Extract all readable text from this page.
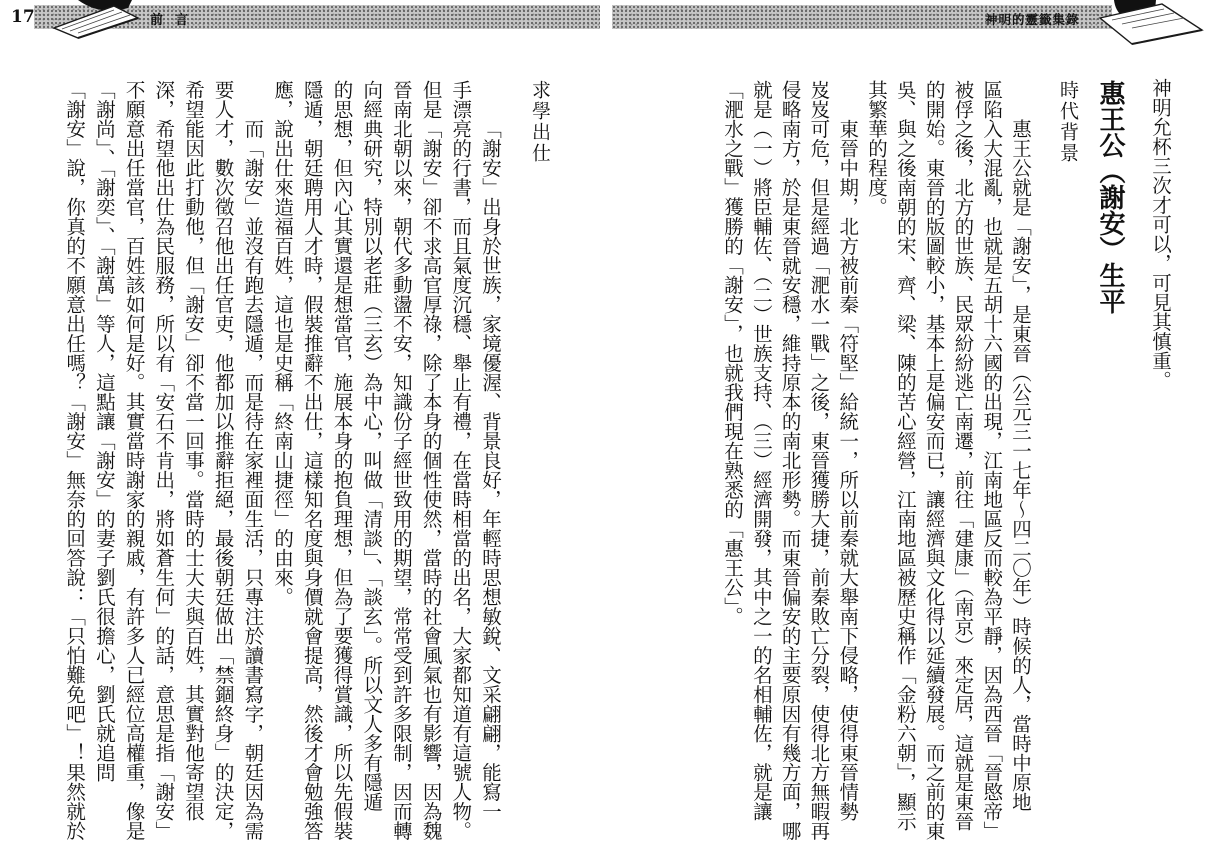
17	前言
求學出仕
「謝安」出身於世族，家境優渥、背景良好，年輕時思想敏銳、文采翩翩，能寫一
手漂亮的行書，而且氣度沉穩、舉止有禮，在當時相當的出名，大家都知道有這號人物。
但是「謝安」卻不求高官厚祿，除了本身的個性使然，當時的社會風氣也有影響，因為魏
晉南北朝以來，朝代多動盪不安，知識份子經世致用的期望，常常受到許多限制，因而轉
向經典研究，特別以老莊（三玄）為中心，叫做「清談」、「談玄」。所以文人多有隱遁
的思想，但內心其實還是想當官，施展本身的抱負理想，但為了要獲得賞識，所以先假裝
隱遁，朝廷聘用人才時，假裝推辭不出仕，這樣知名度與身價就會提高，然後才會勉強答
應，說出仕來造福百姓，這也是史稱「終南山捷徑」的由來。
而「謝安」並沒有跑去隱遁，而是待在家裡面生活，只專注於讀書寫字，朝廷因為需
要人才，數次徵召他出任官吏，他都加以推辭拒絕，最後朝廷做出「禁錮終身」的決定，
希望能因此打動他，但「謝安」卻不當一回事。當時的士大夫與百姓，其實對他寄望很
深，希望他出仕為民服務，所以有「安石不肯出，將如蒼生何」的話，意思是指「謝安」
不願意出任當官，百姓該如何是好。其實當時謝家的親戚，有許多人已經位高權重，像是
「謝尚」、「謝奕」、「謝萬」等人，這點讓「謝安」的妻子劉氏很擔心，劉氏就追問
「謝安」說，你真的不願意出任嗎？「謝安」無奈的回答說：「只怕難免吧」！果然就於
神明的靈籤集錄
神明允杯三次才可以，可見其慎重。
惠王公（謝安）生平
時代背景
惠王公就是「謝安」，是東晉（公元三一七年～四二〇年）時候的人，當時中原地
區陷入大混亂，也就是五胡十六國的出現，江南地區反而較為平靜，因為西晉「晉愍帝」
被俘之後，北方的世族、民眾紛紛逃亡南遷，前往「建康」（南京）來定居，這就是東晉
的開始。東晉的版圖較小，基本上是偏安而已，讓經濟與文化得以延續發展。而之前的東
吳、與之後南朝的宋、齊、梁、陳的苦心經營，江南地區被歷史稱作「金粉六朝」，顯示
其繁華的程度。
東晉中期，北方被前秦「符堅」給統一，所以前秦就大舉南下侵略，使得東晉情勢
岌岌可危，但是經過「淝水一戰」之後，東晉獲勝大捷，前秦敗亡分裂，使得北方無暇再
侵略南方，於是東晉就安穩，維持原本的南北形勢。而東晉偏安的主要原因有幾方面，哪
就是（一）將臣輔佐、（二）世族支持、（三）經濟開發，其中之一的名相輔佐，就是讓
「淝水之戰」獲勝的「謝安」，也就我們現在熟悉的「惠王公」。
